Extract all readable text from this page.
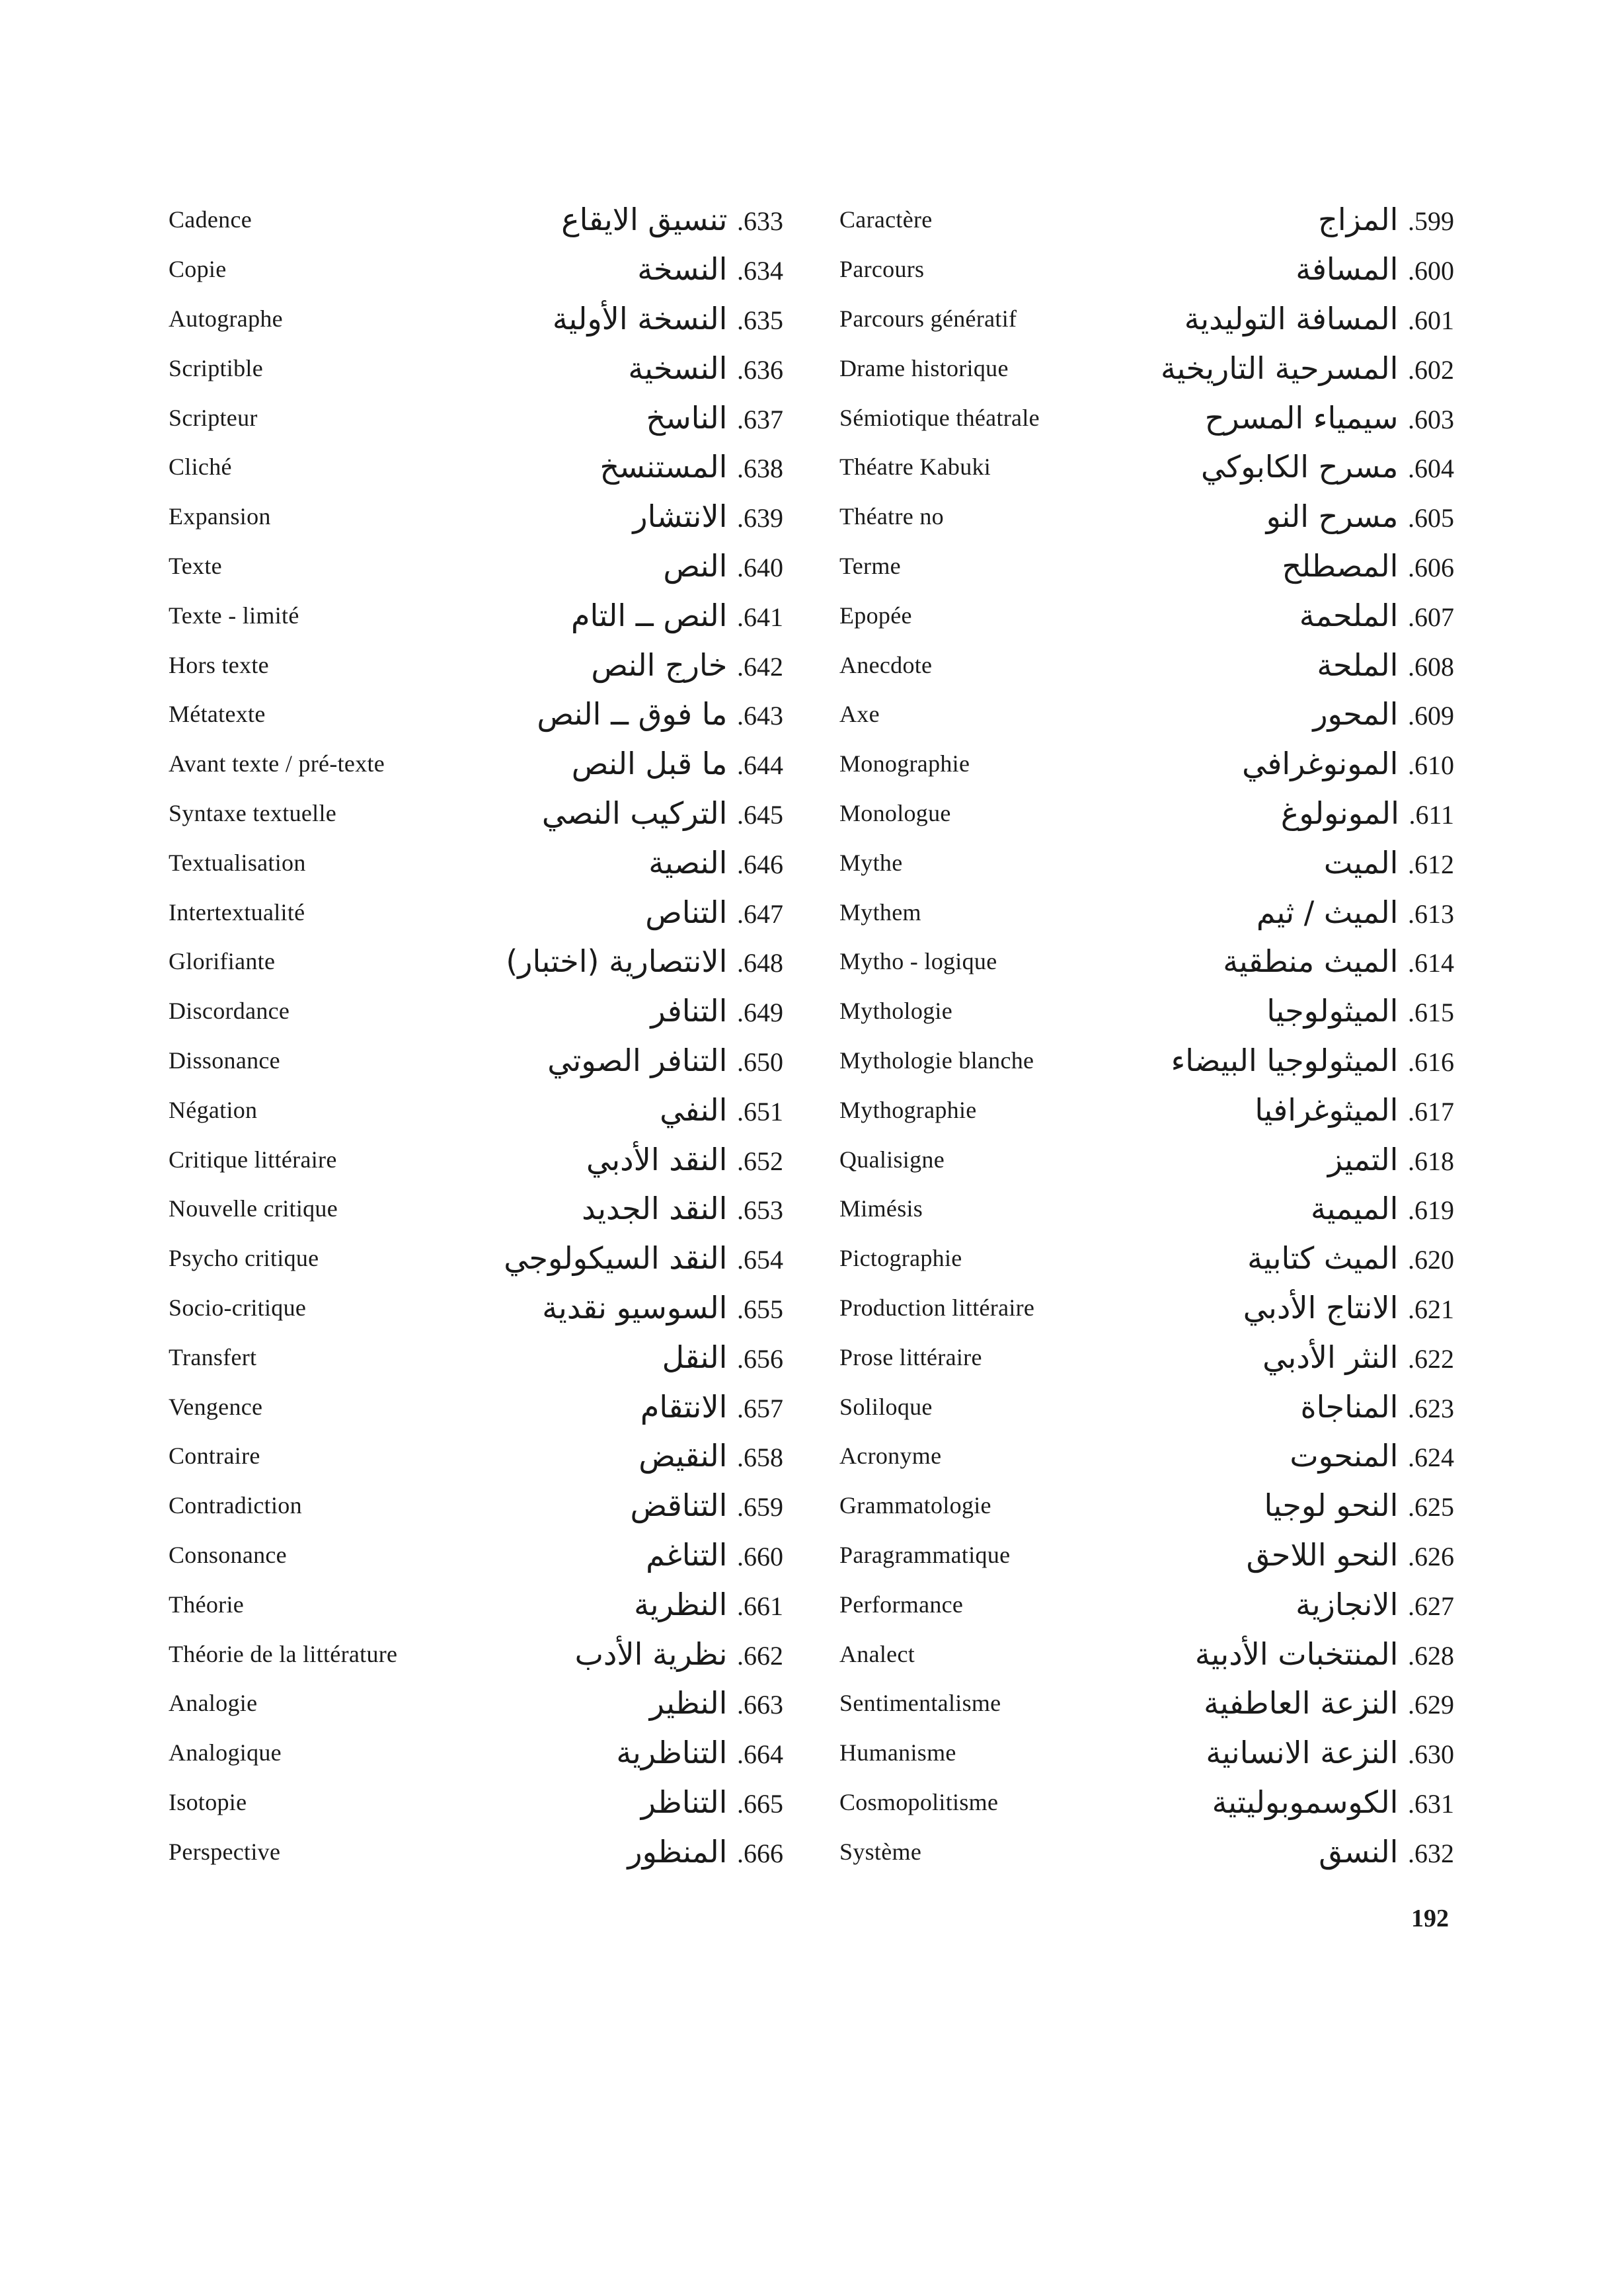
Cadence	633. تنسيق الايقاع
Copie	634. النسخة
Autographe	635. النسخة الأولية
Scriptible	636. النسخية
Scripteur	637. الناسخ
Cliché	638. المستنسخ
Expansion	639. الانتشار
Texte	640. النص
Texte - limité	641. النص ــ التام
Hors texte	642. خارج النص
Métatexte	643. ما فوق ــ النص
Avant texte / pré-texte	644. ما قبل النص
Syntaxe textuelle	645. التركيب النصي
Textualisation	646. النصية
Intertextualité	647. التناص
Glorifiante	648. الانتصارية (اختبار)
Discordance	649. التنافر
Dissonance	650. التنافر الصوتي
Négation	651. النفي
Critique littéraire	652. النقد الأدبي
Nouvelle critique	653. النقد الجديد
Psycho critique	654. النقد السيكولوجي
Socio-critique	655. السوسيو نقدية
Transfert	656. النقل
Vengence	657. الانتقام
Contraire	658. النقيض
Contradiction	659. التناقض
Consonance	660. التناغم
Théorie	661. النظرية
Théorie de la littérature	662. نظرية الأدب
Analogie	663. النظير
Analogique	664. التناظرية
Isotopie	665. التناظر
Perspective	666. المنظور
Caractère	599. المزاج
Parcours	600. المسافة
Parcours génératif	601. المسافة التوليدية
Drame historique	602. المسرحية التاريخية
Sémiotique théatrale	603. سيمياء المسرح
Théatre Kabuki	604. مسرح الكابوكي
Théatre no	605. مسرح النو
Terme	606. المصطلح
Epopée	607. الملحمة
Anecdote	608. الملحة
Axe	609. المحور
Monographie	610. المونوغرافي
Monologue	611. المونولوغ
Mythe	612. الميت
Mythem	613. الميث / ثيم
Mytho - logique	614. الميث منطقية
Mythologie	615. الميثولوجيا
Mythologie blanche	616. الميثولوجيا البيضاء
Mythographie	617. الميثوغرافيا
Qualisigne	618. التميز
Mimésis	619. الميمية
Pictographie	620. الميث كتابية
Production littéraire	621. الانتاج الأدبي
Prose littéraire	622. النثر الأدبي
Soliloque	623. المناجاة
Acronyme	624. المنحوت
Grammatologie	625. النحو لوجيا
Paragrammatique	626. النحو اللاحق
Performance	627. الانجازية
Analect	628. المنتخبات الأدبية
Sentimentalisme	629. النزعة العاطفية
Humanisme	630. النزعة الانسانية
Cosmopolitisme	631. الكوسموبوليتية
Système	632. النسق
192
